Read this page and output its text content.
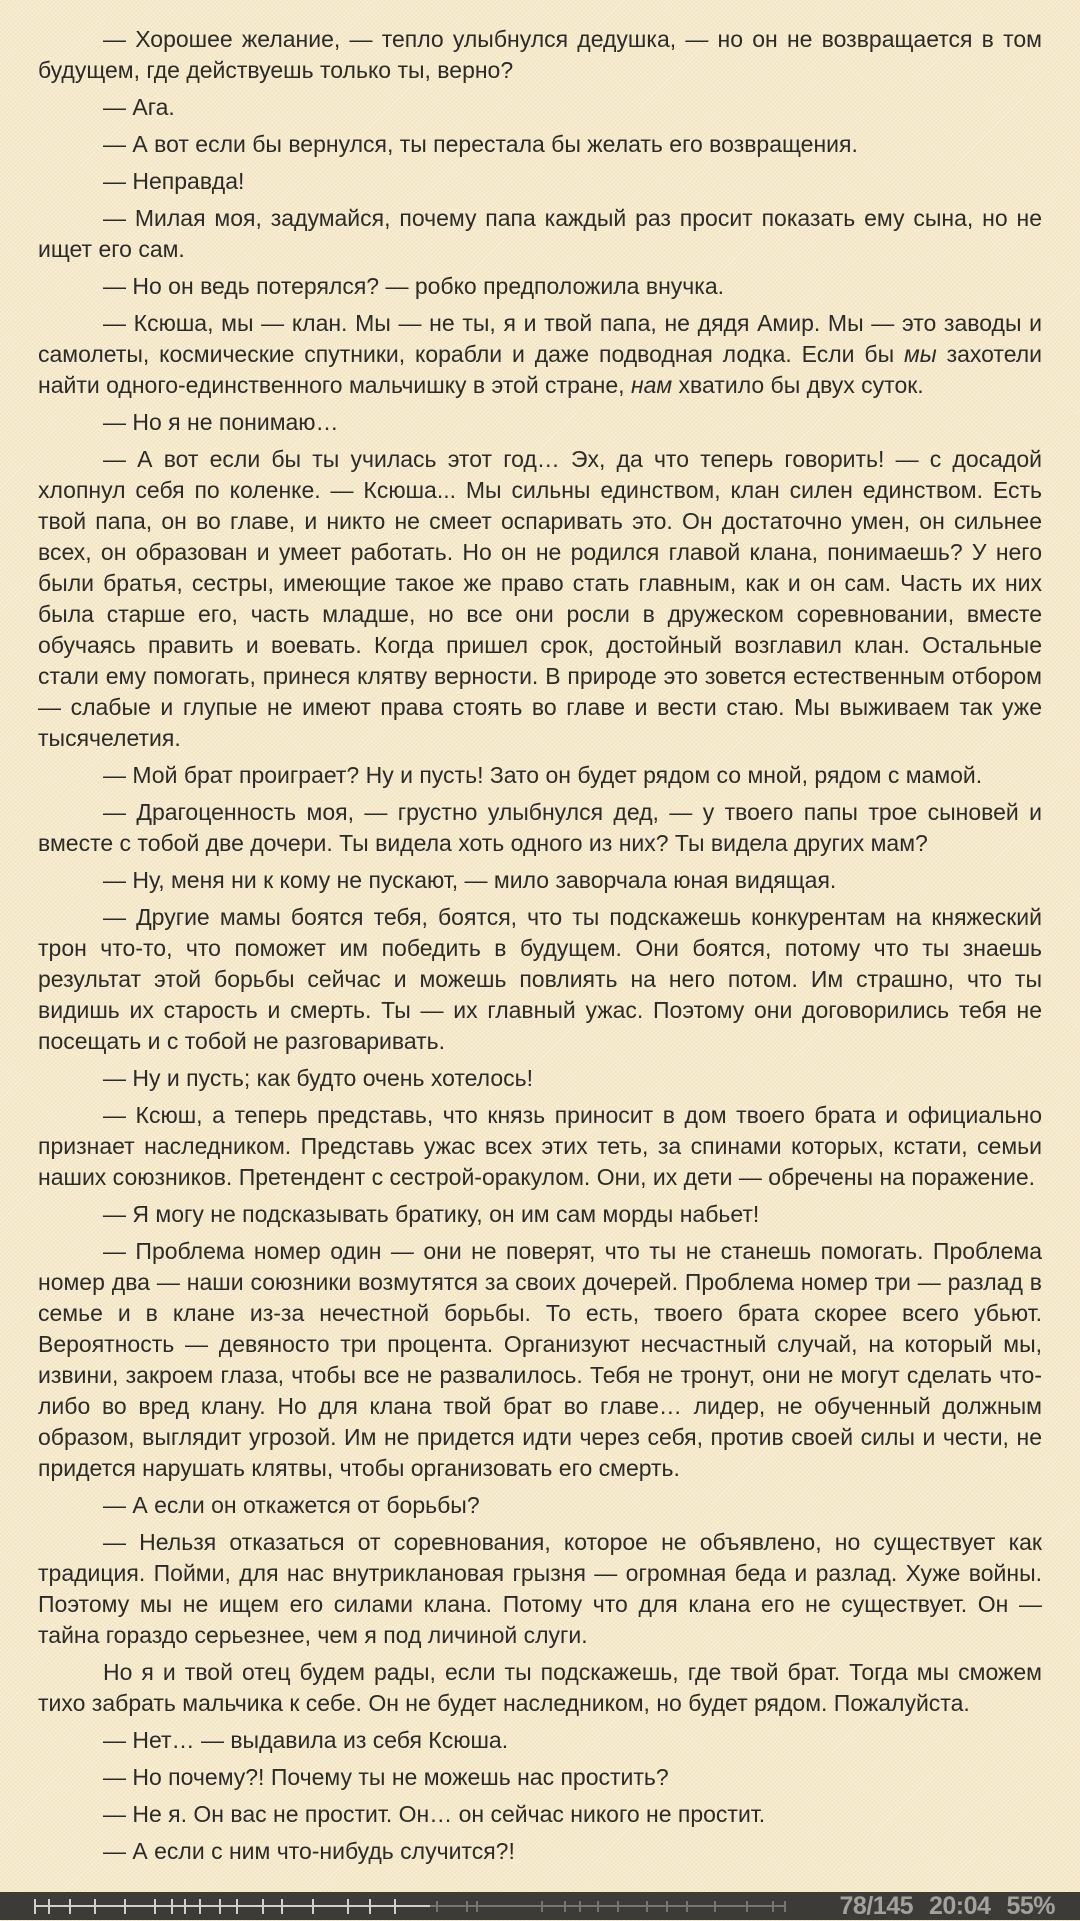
— Хорошее желание, — тепло улыбнулся дедушка, — но он не возвращается в том будущем, где действуешь только ты, верно?

— Ага.

— А вот если бы вернулся, ты перестала бы желать его возвращения.

— Неправда!

— Милая моя, задумайся, почему папа каждый раз просит показать ему сына, но не ищет его сам.

— Но он ведь потерялся? — робко предположила внучка.

— Ксюша, мы — клан. Мы — не ты, я и твой папа, не дядя Амир. Мы — это заводы и самолеты, космические спутники, корабли и даже подводная лодка. Если бы мы захотели найти одного-единственного мальчишку в этой стране, нам хватило бы двух суток.

— Но я не понимаю…

— А вот если бы ты училась этот год… Эх, да что теперь говорить! — с досадой хлопнул себя по коленке. — Ксюша... Мы сильны единством, клан силен единством. Есть твой папа, он во главе, и никто не смеет оспаривать это. Он достаточно умен, он сильнее всех, он образован и умеет работать. Но он не родился главой клана, понимаешь? У него были братья, сестры, имеющие такое же право стать главным, как и он сам. Часть их них была старше его, часть младше, но все они росли в дружеском соревновании, вместе обучаясь править и воевать. Когда пришел срок, достойный возглавил клан. Остальные стали ему помогать, принеся клятву верности. В природе это зовется естественным отбором — слабые и глупые не имеют права стоять во главе и вести стаю. Мы выживаем так уже тысячелетия.

— Мой брат проиграет? Ну и пусть! Зато он будет рядом со мной, рядом с мамой.

— Драгоценность моя, — грустно улыбнулся дед, — у твоего папы трое сыновей и вместе с тобой две дочери. Ты видела хоть одного из них? Ты видела других мам?

— Ну, меня ни к кому не пускают, — мило заворчала юная видящая.

— Другие мамы боятся тебя, боятся, что ты подскажешь конкурентам на княжеский трон что-то, что поможет им победить в будущем. Они боятся, потому что ты знаешь результат этой борьбы сейчас и можешь повлиять на него потом. Им страшно, что ты видишь их старость и смерть. Ты — их главный ужас. Поэтому они договорились тебя не посещать и с тобой не разговаривать.

— Ну и пусть; как будто очень хотелось!

— Ксюш, а теперь представь, что князь приносит в дом твоего брата и официально признает наследником. Представь ужас всех этих теть, за спинами которых, кстати, семьи наших союзников. Претендент с сестрой-оракулом. Они, их дети — обречены на поражение.

— Я могу не подсказывать братику, он им сам морды набьет!

— Проблема номер один — они не поверят, что ты не станешь помогать. Проблема номер два — наши союзники возмутятся за своих дочерей. Проблема номер три — разлад в семье и в клане из-за нечестной борьбы. То есть, твоего брата скорее всего убьют. Вероятность — девяносто три процента. Организуют несчастный случай, на который мы, извини, закроем глаза, чтобы все не развалилось. Тебя не тронут, они не могут сделать что-либо во вред клану. Но для клана твой брат во главе… лидер, не обученный должным образом, выглядит угрозой. Им не придется идти через себя, против своей силы и чести, не придется нарушать клятвы, чтобы организовать его смерть.

— А если он откажется от борьбы?

— Нельзя отказаться от соревнования, которое не объявлено, но существует как традиция. Пойми, для нас внутриклановая грызня — огромная беда и разлад. Хуже войны. Поэтому мы не ищем его силами клана. Потому что для клана его не существует. Он — тайна гораздо серьезнее, чем я под личиной слуги.

Но я и твой отец будем рады, если ты подскажешь, где твой брат. Тогда мы сможем тихо забрать мальчика к себе. Он не будет наследником, но будет рядом. Пожалуйста.

— Нет… — выдавила из себя Ксюша.

— Но почему?! Почему ты не можешь нас простить?

— Не я. Он вас не простит. Он… он сейчас никого не простит.

— А если с ним что-нибудь случится?!

78/145 20:04 55%
